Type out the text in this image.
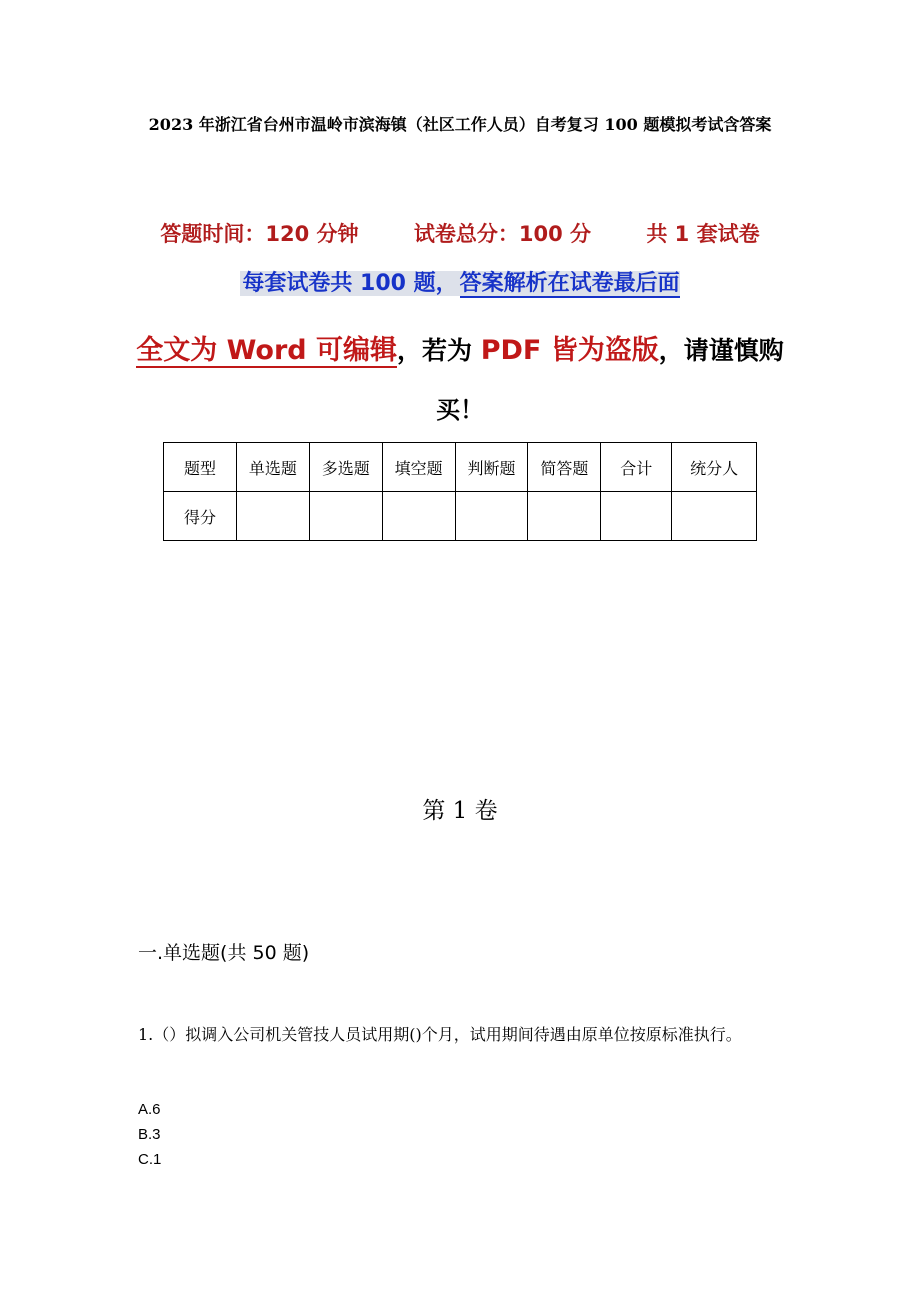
2023 年浙江省台州市温岭市滨海镇（社区工作人员）自考复习 100 题模拟考试含答案
答题时间：120 分钟	试卷总分：100 分	共 1 套试卷
每套试卷共 100 题，答案解析在试卷最后面
全文为 Word 可编辑，若为 PDF 皆为盗版，请谨慎购
买！
题型	单选题	多选题	填空题	判断题	简答题	合计	统分人
得分							
第 1 卷
一.单选题(共 50 题)
1.（）拟调入公司机关管技人员试用期()个月，试用期间待遇由原单位按原标准执行。
A.6
B.3
C.1
